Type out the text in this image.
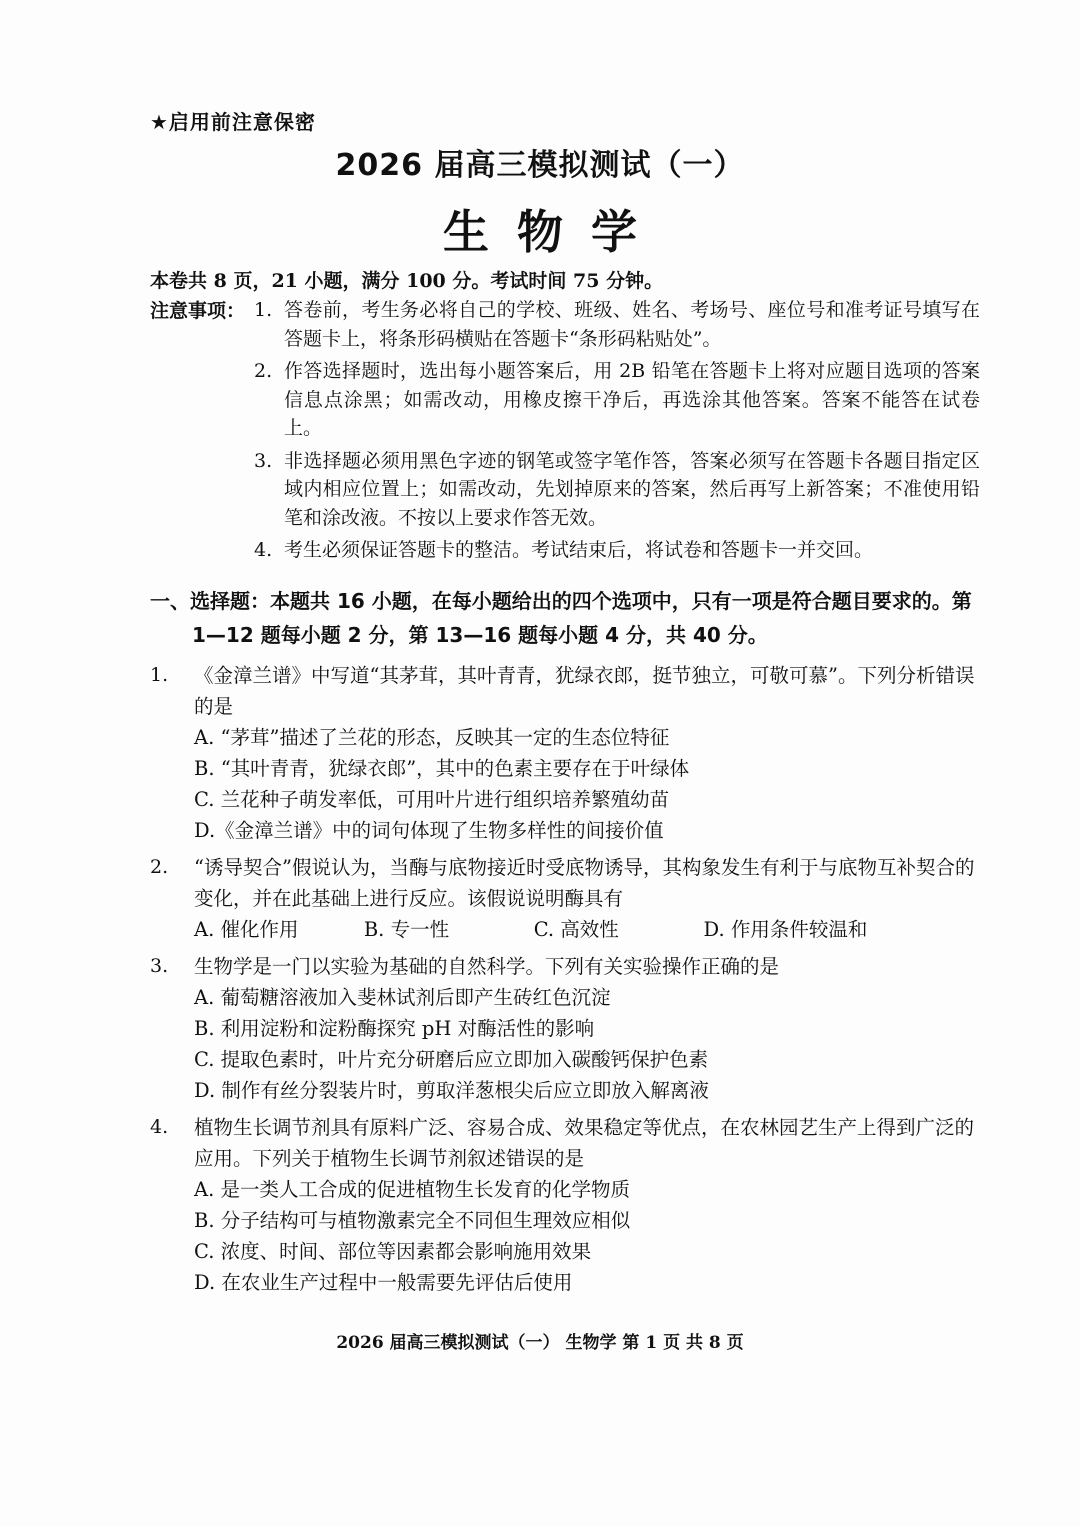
★启用前注意保密
2026 届高三模拟测试（一）
生物学
本卷共 8 页，21 小题，满分 100 分。考试时间 75 分钟。
注意事项： 1. 答卷前，考生务必将自己的学校、班级、姓名、考场号、座位号和准考证号填写在答题卡上，将条形码横贴在答题卡“条形码粘贴处”。
2. 作答选择题时，选出每小题答案后，用 2B 铅笔在答题卡上将对应题目选项的答案信息点涂黑；如需改动，用橡皮擦干净后，再选涂其他答案。答案不能答在试卷上。
3. 非选择题必须用黑色字迹的钢笔或签字笔作答，答案必须写在答题卡各题目指定区域内相应位置上；如需改动，先划掉原来的答案，然后再写上新答案；不准使用铅笔和涂改液。不按以上要求作答无效。
4. 考生必须保证答题卡的整洁。考试结束后，将试卷和答题卡一并交回。
一、选择题：本题共 16 小题，在每小题给出的四个选项中，只有一项是符合题目要求的。第
1—12 题每小题 2 分，第 13—16 题每小题 4 分，共 40 分。
1. 《金漳兰谱》中写道“其茅茸，其叶青青，犹绿衣郎，挺节独立，可敬可慕”。下列分析错误的是
A. “茅茸”描述了兰花的形态，反映其一定的生态位特征
B. “其叶青青，犹绿衣郎”，其中的色素主要存在于叶绿体
C. 兰花种子萌发率低，可用叶片进行组织培养繁殖幼苗
D.《金漳兰谱》中的词句体现了生物多样性的间接价值
2. “诱导契合”假说认为，当酶与底物接近时受底物诱导，其构象发生有利于与底物互补契合的变化，并在此基础上进行反应。该假说说明酶具有
A. 催化作用	B. 专一性	C. 高效性	D. 作用条件较温和
3. 生物学是一门以实验为基础的自然科学。下列有关实验操作正确的是
A. 葡萄糖溶液加入斐林试剂后即产生砖红色沉淀
B. 利用淀粉和淀粉酶探究 pH 对酶活性的影响
C. 提取色素时，叶片充分研磨后应立即加入碳酸钙保护色素
D. 制作有丝分裂装片时，剪取洋葱根尖后应立即放入解离液
4. 植物生长调节剂具有原料广泛、容易合成、效果稳定等优点，在农林园艺生产上得到广泛的应用。下列关于植物生长调节剂叙述错误的是
A. 是一类人工合成的促进植物生长发育的化学物质
B. 分子结构可与植物激素完全不同但生理效应相似
C. 浓度、时间、部位等因素都会影响施用效果
D. 在农业生产过程中一般需要先评估后使用
2026 届高三模拟测试（一） 生物学 第 1 页 共 8 页
